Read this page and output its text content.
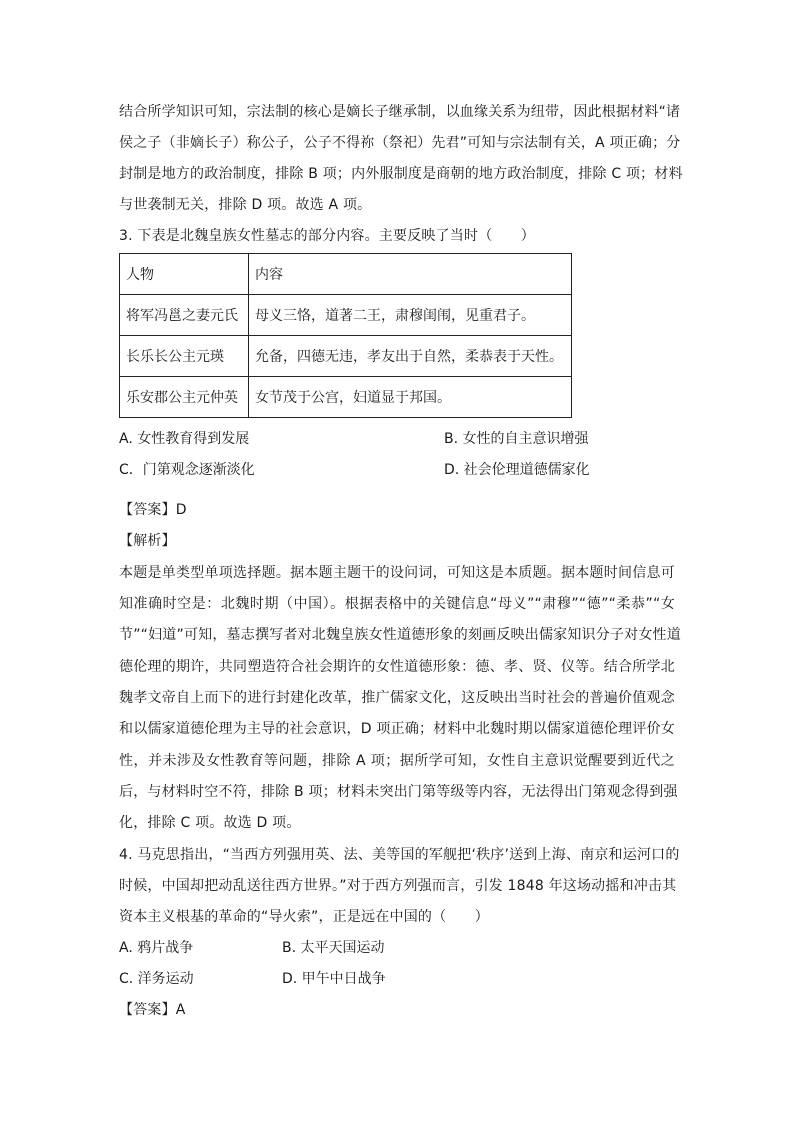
结合所学知识可知，宗法制的核心是嫡长子继承制，以血缘关系为纽带，因此根据材料“诸
侯之子（非嫡长子）称公子，公子不得祢（祭祀）先君”可知与宗法制有关，A 项正确；分
封制是地方的政治制度，排除 B 项；内外服制度是商朝的地方政治制度，排除 C 项；材料
与世袭制无关，排除 D 项。故选 A 项。
3. 下表是北魏皇族女性墓志的部分内容。主要反映了当时（　　）
人物	内容
将军冯邕之妻元氏	母义三恪，道著二王，肃穆闺闱，见重君子。
长乐长公主元瑛	允备，四德无违，孝友出于自然，柔恭表于天性。
乐安郡公主元仲英	女节茂于公宫，妇道显于邦国。
A. 女性教育得到发展	B. 女性的自主意识增强
C．门第观念逐渐淡化	D. 社会伦理道德儒家化
【答案】D
【解析】
本题是单类型单项选择题。据本题主题干的设问词，可知这是本质题。据本题时间信息可
知准确时空是：北魏时期（中国）。根据表格中的关键信息“母义”“肃穆”“德”“柔恭”“女
节”“妇道”可知，墓志撰写者对北魏皇族女性道德形象的刻画反映出儒家知识分子对女性道
德伦理的期许，共同塑造符合社会期许的女性道德形象：德、孝、贤、仪等。结合所学北
魏孝文帝自上而下的进行封建化改革，推广儒家文化，这反映出当时社会的普遍价值观念
和以儒家道德伦理为主导的社会意识，D 项正确；材料中北魏时期以儒家道德伦理评价女
性，并未涉及女性教育等问题，排除 A 项；据所学可知，女性自主意识觉醒要到近代之
后，与材料时空不符，排除 B 项；材料未突出门第等级等内容，无法得出门第观念得到强
化，排除 C 项。故选 D 项。
4. 马克思指出，“当西方列强用英、法、美等国的军舰把‘秩序’送到上海、南京和运河口的
时候，中国却把动乱送往西方世界。”对于西方列强而言，引发 1848 年这场动摇和冲击其
资本主义根基的革命的“导火索”，正是远在中国的（　　）
A. 鸦片战争	B. 太平天国运动
C. 洋务运动	D. 甲午中日战争
【答案】A
